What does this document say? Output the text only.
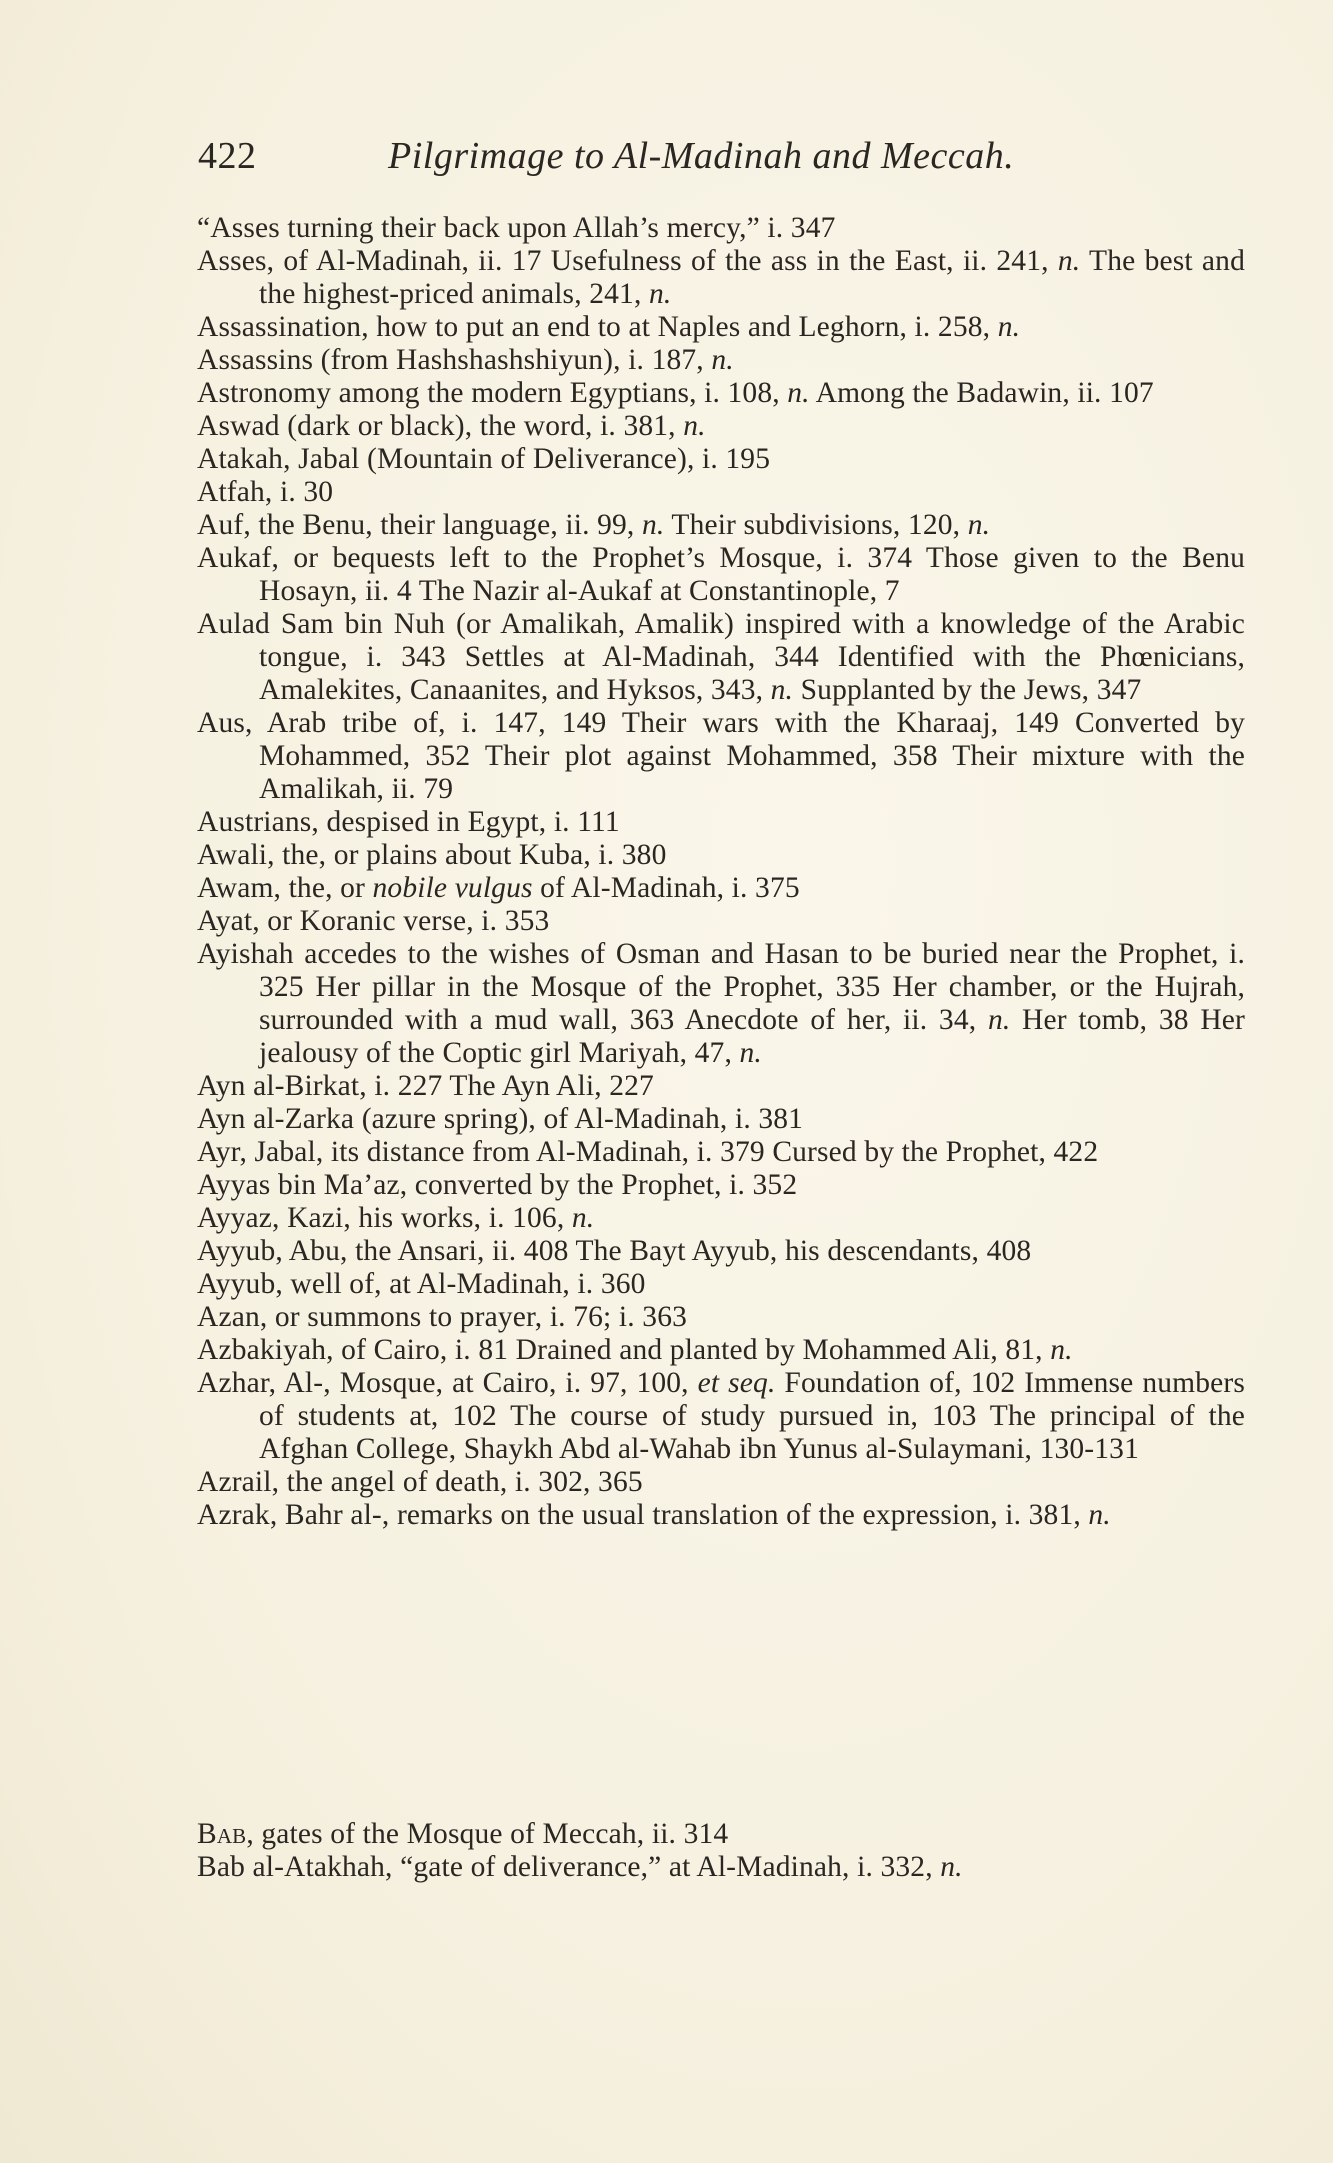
422	Pilgrimage to Al-Madinah and Meccah.

“Asses turning their back upon Allah’s mercy,” i. 347

Asses, of Al-Madinah, ii. 17 Usefulness of the ass in the East, ii. 241, n. The best and the highest-priced animals, 241, n.

Assassination, how to put an end to at Naples and Leghorn, i. 258, n.

Assassins (from Hashshashshiyun), i. 187, n.

Astronomy among the modern Egyptians, i. 108, n. Among the Badawin, ii. 107

Aswad (dark or black), the word, i. 381, n.

Atakah, Jabal (Mountain of Deliverance), i. 195

Atfah, i. 30

Auf, the Benu, their language, ii. 99, n. Their subdivisions, 120, n.

Aukaf, or bequests left to the Prophet’s Mosque, i. 374 Those given to the Benu Hosayn, ii. 4 The Nazir al-Aukaf at Constantinople, 7

Aulad Sam bin Nuh (or Amalikah, Amalik) inspired with a knowledge of the Arabic tongue, i. 343 Settles at Al-Madinah, 344 Identified with the Phœnicians, Amalekites, Canaanites, and Hyksos, 343, n. Supplanted by the Jews, 347

Aus, Arab tribe of, i. 147, 149 Their wars with the Kharaaj, 149 Converted by Mohammed, 352 Their plot against Mohammed, 358 Their mixture with the Amalikah, ii. 79

Austrians, despised in Egypt, i. 111

Awali, the, or plains about Kuba, i. 380

Awam, the, or nobile vulgus of Al-Madinah, i. 375

Ayat, or Koranic verse, i. 353

Ayishah accedes to the wishes of Osman and Hasan to be buried near the Prophet, i. 325 Her pillar in the Mosque of the Prophet, 335 Her chamber, or the Hujrah, surrounded with a mud wall, 363 Anecdote of her, ii. 34, n. Her tomb, 38 Her jealousy of the Coptic girl Mariyah, 47, n.

Ayn al-Birkat, i. 227 The Ayn Ali, 227

Ayn al-Zarka (azure spring), of Al-Madinah, i. 381

Ayr, Jabal, its distance from Al-Madinah, i. 379 Cursed by the Prophet, 422

Ayyas bin Ma’az, converted by the Prophet, i. 352

Ayyaz, Kazi, his works, i. 106, n.

Ayyub, Abu, the Ansari, ii. 408 The Bayt Ayyub, his descendants, 408

Ayyub, well of, at Al-Madinah, i. 360

Azan, or summons to prayer, i. 76; i. 363

Azbakiyah, of Cairo, i. 81 Drained and planted by Mohammed Ali, 81, n.

Azhar, Al-, Mosque, at Cairo, i. 97, 100, et seq. Foundation of, 102 Immense numbers of students at, 102 The course of study pursued in, 103 The principal of the Afghan College, Shaykh Abd al-Wahab ibn Yunus al-Sulaymani, 130-131

Azrail, the angel of death, i. 302, 365

Azrak, Bahr al-, remarks on the usual translation of the expression, i. 381, n.

Bab, gates of the Mosque of Meccah, ii. 314

Bab al-Atakhah, “gate of deliverance,” at Al-Madinah, i. 332, n.
